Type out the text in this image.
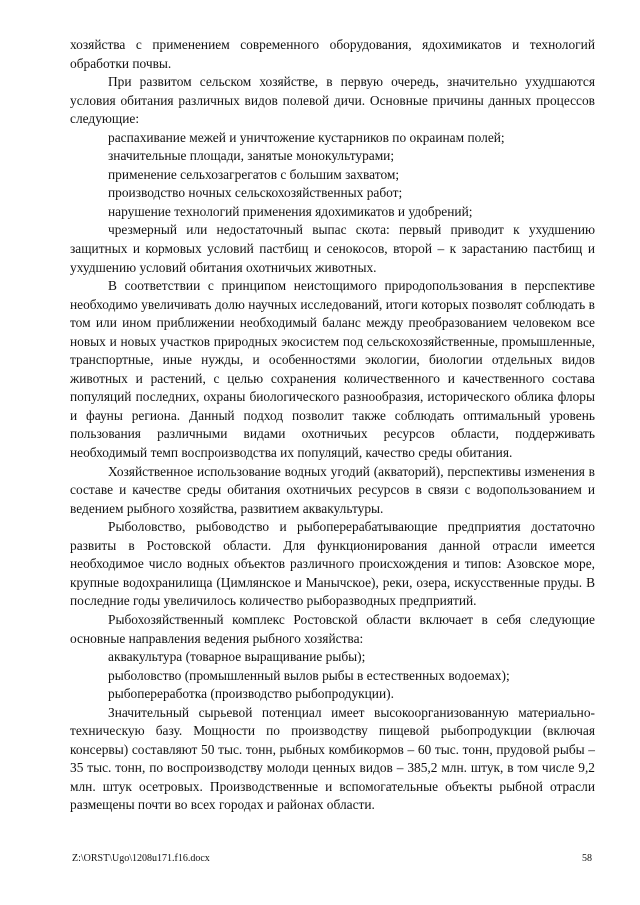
хозяйства с применением современного оборудования, ядохимикатов и технологий обработки почвы.

При развитом сельском хозяйстве, в первую очередь, значительно ухудшаются условия обитания различных видов полевой дичи. Основные причины данных процессов следующие:

распахивание межей и уничтожение кустарников по окраинам полей;

значительные площади, занятые монокультурами;

применение сельхозагрегатов с большим захватом;

производство ночных сельскохозяйственных работ;

нарушение технологий применения ядохимикатов и удобрений;

чрезмерный или недостаточный выпас скота: первый приводит к ухудшению защитных и кормовых условий пастбищ и сенокосов, второй – к зарастанию пастбищ и ухудшению условий обитания охотничьих животных.

В соответствии с принципом неистощимого природопользования в перспективе необходимо увеличивать долю научных исследований, итоги которых позволят соблюдать в том или ином приближении необходимый баланс между преобразованием человеком все новых и новых участков природных экосистем под сельскохозяйственные, промышленные, транспортные, иные нужды, и особенностями экологии, биологии отдельных видов животных и растений, с целью сохранения количественного и качественного состава популяций последних, охраны биологического разнообразия, исторического облика флоры и фауны региона. Данный подход позволит также соблюдать оптимальный уровень пользования различными видами охотничьих ресурсов области, поддерживать необходимый темп воспроизводства их популяций, качество среды обитания.

Хозяйственное использование водных угодий (акваторий), перспективы изменения в составе и качестве среды обитания охотничьих ресурсов в связи с водопользованием и ведением рыбного хозяйства, развитием аквакультуры.

Рыболовство, рыбоводство и рыбоперерабатывающие предприятия достаточно развиты в Ростовской области. Для функционирования данной отрасли имеется необходимое число водных объектов различного происхождения и типов: Азовское море, крупные водохранилища (Цимлянское и Манычское), реки, озера, искусственные пруды. В последние годы увеличилось количество рыборазводных предприятий.

Рыбохозяйственный комплекс Ростовской области включает в себя следующие основные направления ведения рыбного хозяйства:

аквакультура (товарное выращивание рыбы);

рыболовство (промышленный вылов рыбы в естественных водоемах);

рыбопереработка (производство рыбопродукции).

Значительный сырьевой потенциал имеет высокоорганизованную материально-техническую базу. Мощности по производству пищевой рыбопродукции (включая консервы) составляют 50 тыс. тонн, рыбных комбикормов – 60 тыс. тонн, прудовой рыбы – 35 тыс. тонн, по воспроизводству молоди ценных видов – 385,2 млн. штук, в том числе 9,2 млн. штук осетровых. Производственные и вспомогательные объекты рыбной отрасли размещены почти во всех городах и районах области.

Z:\ORST\Ugo\1208u171.f16.docx	58
